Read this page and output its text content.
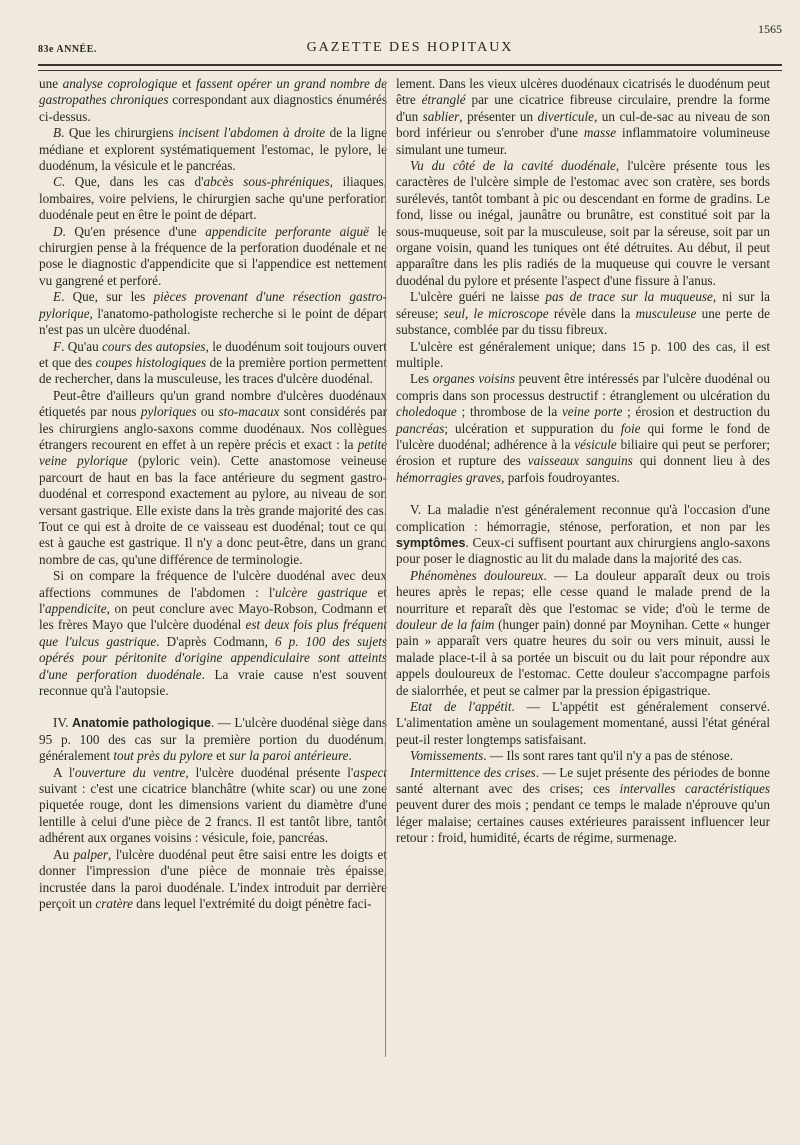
83e ANNÉE.	GAZETTE DES HOPITAUX
1565

une analyse coprologique et fassent opérer un grand nombre de gastropathes chroniques correspondant aux diagnostics énumérés ci-dessus.

B. Que les chirurgiens incisent l'abdomen à droite de la ligne médiane et explorent systématiquement l'estomac, le pylore, le duodénum, la vésicule et le pancréas.

C. Que, dans les cas d'abcès sous-phréniques, iliaques, lombaires, voire pelviens, le chirurgien sache qu'une perforation duodénale peut en être le point de départ.

D. Qu'en présence d'une appendicite perforante aiguë le chirurgien pense à la fréquence de la perforation duodénale et ne pose le diagnostic d'appendicite que si l'appendice est nettement vu gangrené et perforé.

E. Que, sur les pièces provenant d'une résection gastro-pylorique, l'anatomo-pathologiste recherche si le point de départ n'est pas un ulcère duodénal.

F. Qu'au cours des autopsies, le duodénum soit toujours ouvert et que des coupes histologiques de la première portion permettent de rechercher, dans la musculeuse, les traces d'ulcère duodénal.

Peut-être d'ailleurs qu'un grand nombre d'ulcères duodénaux étiquetés par nous pyloriques ou sto-macaux sont considérés par les chirurgiens anglo-saxons comme duodénaux. Nos collègues étrangers recourent en effet à un repère précis et exact : la petite veine pylorique (pyloric vein). Cette anastomose veineuse parcourt de haut en bas la face antérieure du segment gastro-duodénal et correspond exactement au pylore, au niveau de son versant gastrique. Elle existe dans la très grande majorité des cas. Tout ce qui est à droite de ce vaisseau est duodénal; tout ce qui est à gauche est gastrique. Il n'y a donc peut-être, dans un grand nombre de cas, qu'une différence de terminologie.

Si on compare la fréquence de l'ulcère duodénal avec deux affections communes de l'abdomen : l'ulcère gastrique et l'appendicite, on peut conclure avec Mayo-Robson, Codmann et les frères Mayo que l'ulcère duodénal est deux fois plus fréquent que l'ulcus gastrique. D'après Codmann, 6 p. 100 des sujets opérés pour péritonite d'origine appendiculaire sont atteints d'une perforation duodénale. La vraie cause n'est souvent reconnue qu'à l'autopsie.

IV. Anatomie pathologique. — L'ulcère duodénal siège dans 95 p. 100 des cas sur la première portion du duodénum, généralement tout près du pylore et sur la paroi antérieure.

A l'ouverture du ventre, l'ulcère duodénal présente l'aspect suivant : c'est une cicatrice blanchâtre (white scar) ou une zone piquetée rouge, dont les dimensions varient du diamètre d'une lentille à celui d'une pièce de 2 francs. Il est tantôt libre, tantôt adhérent aux organes voisins : vésicule, foie, pancréas.

Au palper, l'ulcère duodénal peut être saisi entre les doigts et donner l'impression d'une pièce de monnaie très épaisse, incrustée dans la paroi duodénale. L'index introduit par derrière perçoit un cratère dans lequel l'extrémité du doigt pénètre faci-

lement. Dans les vieux ulcères duodénaux cicatrisés le duodénum peut être étranglé par une cicatrice fibreuse circulaire, prendre la forme d'un sablier, présenter un diverticule, un cul-de-sac au niveau de son bord inférieur ou s'enrober d'une masse inflammatoire volumineuse simulant une tumeur.

Vu du côté de la cavité duodénale, l'ulcère présente tous les caractères de l'ulcère simple de l'estomac avec son cratère, ses bords surélevés, tantôt tombant à pic ou descendant en forme de gradins. Le fond, lisse ou inégal, jaunâtre ou brunâtre, est constitué soit par la sous-muqueuse, soit par la musculeuse, soit par la séreuse, soit par un organe voisin, quand les tuniques ont été détruites. Au début, il peut apparaître dans les plis radiés de la muqueuse qui couvre le versant duodénal du pylore et présente l'aspect d'une fissure à l'anus.

L'ulcère guéri ne laisse pas de trace sur la muqueuse, ni sur la séreuse; seul, le microscope révèle dans la musculeuse une perte de substance, comblée par du tissu fibreux.

L'ulcère est généralement unique; dans 15 p. 100 des cas, il est multiple.

Les organes voisins peuvent être intéressés par l'ulcère duodénal ou compris dans son processus destructif : étranglement ou ulcération du choledoque ; thrombose de la veine porte ; érosion et destruction du pancréas; ulcération et suppuration du foie qui forme le fond de l'ulcère duodénal; adhérence à la vésicule biliaire qui peut se perforer; érosion et rupture des vaisseaux sanguins qui donnent lieu à des hémorragies graves, parfois foudroyantes.

V. La maladie n'est généralement reconnue qu'à l'occasion d'une complication : hémorragie, sténose, perforation, et non par les symptômes. Ceux-ci suffisent pourtant aux chirurgiens anglo-saxons pour poser le diagnostic au lit du malade dans la majorité des cas.

Phénomènes douloureux. — La douleur apparaît deux ou trois heures après le repas; elle cesse quand le malade prend de la nourriture et reparaît dès que l'estomac se vide; d'où le terme de douleur de la faim (hunger pain) donné par Moynihan. Cette « hunger pain » apparaît vers quatre heures du soir ou vers minuit, aussi le malade place-t-il à sa portée un biscuit ou du lait pour répondre aux appels douloureux de l'estomac. Cette douleur s'accompagne parfois de sialorrhée, et peut se calmer par la pression épigastrique.

Etat de l'appétit. — L'appétit est généralement conservé. L'alimentation amène un soulagement momentané, aussi l'état général peut-il rester longtemps satisfaisant.

Vomissements. — Ils sont rares tant qu'il n'y a pas de sténose.

Intermittence des crises. — Le sujet présente des périodes de bonne santé alternant avec des crises; ces intervalles caractéristiques peuvent durer des mois ; pendant ce temps le malade n'éprouve qu'un léger malaise; certaines causes extérieures paraissent influencer leur retour : froid, humidité, écarts de régime, surmenage.
